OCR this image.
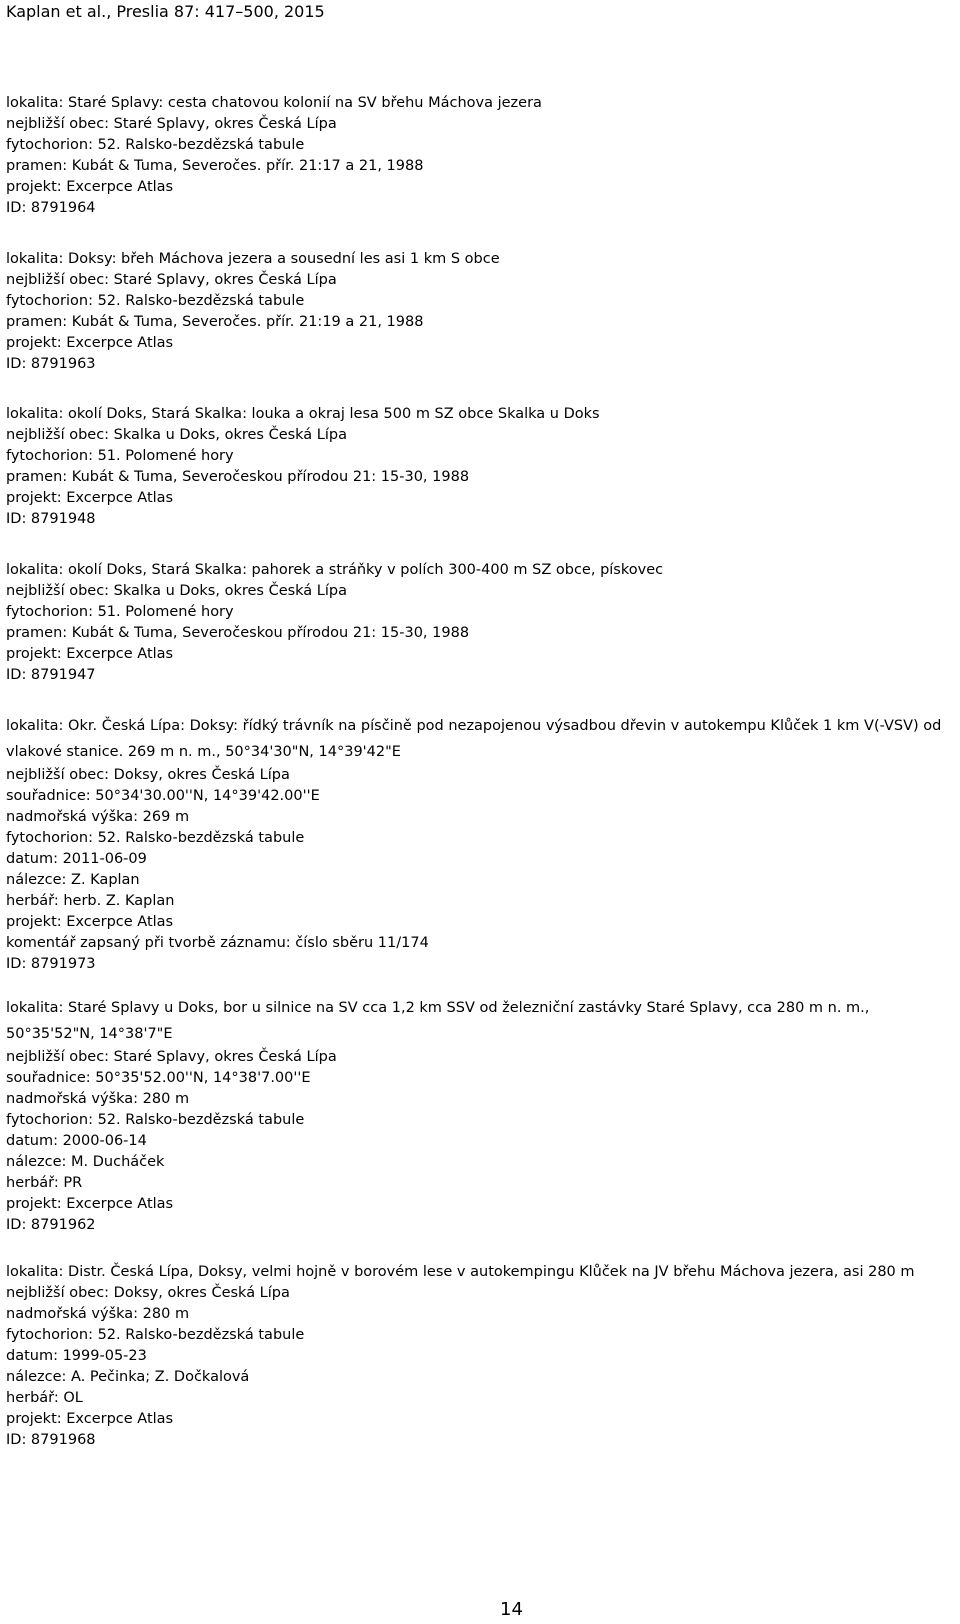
Kaplan et al., Preslia 87: 417–500, 2015
lokalita: Staré Splavy: cesta chatovou kolonií na SV břehu Máchova jezera
nejbližší obec: Staré Splavy, okres Česká Lípa
fytochorion: 52. Ralsko-bezdězská tabule
pramen: Kubát & Tuma, Severočes. přír. 21:17 a 21, 1988
projekt: Excerpce Atlas
ID: 8791964
lokalita: Doksy: břeh Máchova jezera a sousední les asi 1 km S obce
nejbližší obec: Staré Splavy, okres Česká Lípa
fytochorion: 52. Ralsko-bezdězská tabule
pramen: Kubát & Tuma, Severočes. přír. 21:19 a 21, 1988
projekt: Excerpce Atlas
ID: 8791963
lokalita: okolí Doks, Stará Skalka: louka a okraj lesa 500 m SZ obce Skalka u Doks
nejbližší obec: Skalka u Doks, okres Česká Lípa
fytochorion: 51. Polomené hory
pramen: Kubát & Tuma, Severočeskou přírodou 21: 15-30, 1988
projekt: Excerpce Atlas
ID: 8791948
lokalita: okolí Doks, Stará Skalka: pahorek a stráňky v polích 300-400 m SZ obce, pískovec
nejbližší obec: Skalka u Doks, okres Česká Lípa
fytochorion: 51. Polomené hory
pramen: Kubát & Tuma, Severočeskou přírodou 21: 15-30, 1988
projekt: Excerpce Atlas
ID: 8791947
lokalita: Okr. Česká Lípa: Doksy: řídký trávník na písčině pod nezapojenou výsadbou dřevin v autokempu Klůček 1 km V(-VSV) od vlakové stanice. 269 m n. m., 50°34'30"N, 14°39'42"E
nejbližší obec: Doksy, okres Česká Lípa
souřadnice: 50°34'30.00''N, 14°39'42.00''E
nadmořská výška: 269 m
fytochorion: 52. Ralsko-bezdězská tabule
datum: 2011-06-09
nálezce: Z. Kaplan
herbář: herb. Z. Kaplan
projekt: Excerpce Atlas
komentář zapsaný při tvorbě záznamu: číslo sběru 11/174
ID: 8791973
lokalita: Staré Splavy u Doks, bor u silnice na SV cca 1,2 km SSV od železniční zastávky Staré Splavy, cca 280 m n. m., 50°35'52"N, 14°38'7"E
nejbližší obec: Staré Splavy, okres Česká Lípa
souřadnice: 50°35'52.00''N, 14°38'7.00''E
nadmořská výška: 280 m
fytochorion: 52. Ralsko-bezdězská tabule
datum: 2000-06-14
nálezce: M. Ducháček
herbář: PR
projekt: Excerpce Atlas
ID: 8791962
lokalita: Distr. Česká Lípa, Doksy, velmi hojně v borovém lese v autokempingu Klůček na JV břehu Máchova jezera, asi 280 m
nejbližší obec: Doksy, okres Česká Lípa
nadmořská výška: 280 m
fytochorion: 52. Ralsko-bezdězská tabule
datum: 1999-05-23
nálezce: A. Pečinka; Z. Dočkalová
herbář: OL
projekt: Excerpce Atlas
ID: 8791968
14
